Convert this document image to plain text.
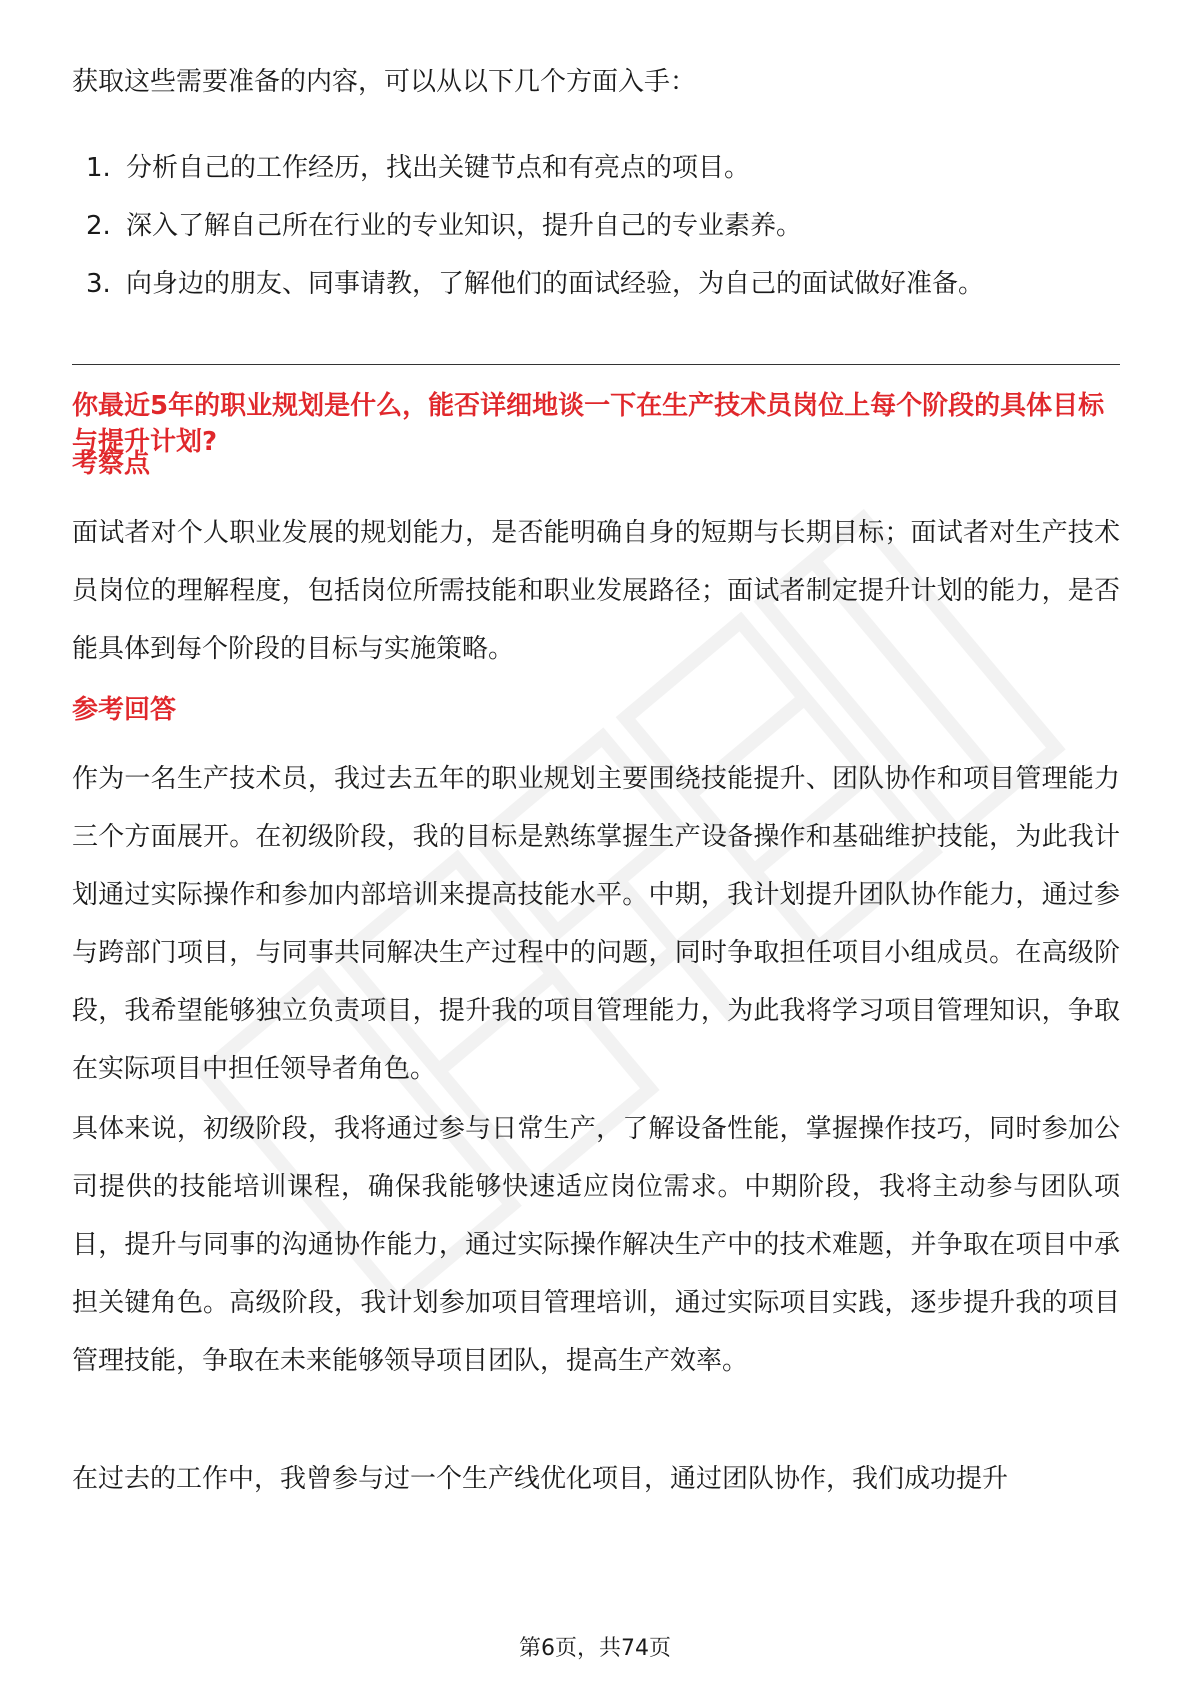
获取这些需要准备的内容，可以从以下几个方面入手：

1. 分析自己的工作经历，找出关键节点和有亮点的项目。
2. 深入了解自己所在行业的专业知识，提升自己的专业素养。
3. 向身边的朋友、同事请教，了解他们的面试经验，为自己的面试做好准备。
你最近5年的职业规划是什么，能否详细地谈一下在生产技术员岗位上每个阶段的具体目标与提升计划?
考察点

面试者对个人职业发展的规划能力，是否能明确自身的短期与长期目标；面试者对生产技术员岗位的理解程度，包括岗位所需技能和职业发展路径；面试者制定提升计划的能力，是否能具体到每个阶段的目标与实施策略。

参考回答

作为一名生产技术员，我过去五年的职业规划主要围绕技能提升、团队协作和项目管理能力三个方面展开。在初级阶段，我的目标是熟练掌握生产设备操作和基础维护技能，为此我计划通过实际操作和参加内部培训来提高技能水平。中期，我计划提升团队协作能力，通过参与跨部门项目，与同事共同解决生产过程中的问题，同时争取担任项目小组成员。在高级阶段，我希望能够独立负责项目，提升我的项目管理能力，为此我将学习项目管理知识，争取在实际项目中担任领导者角色。

具体来说，初级阶段，我将通过参与日常生产，了解设备性能，掌握操作技巧，同时参加公司提供的技能培训课程，确保我能够快速适应岗位需求。中期阶段，我将主动参与团队项目，提升与同事的沟通协作能力，通过实际操作解决生产中的技术难题，并争取在项目中承担关键角色。高级阶段，我计划参加项目管理培训，通过实际项目实践，逐步提升我的项目管理技能，争取在未来能够领导项目团队，提高生产效率。

在过去的工作中，我曾参与过一个生产线优化项目，通过团队协作，我们成功提升

第6页，共74页
